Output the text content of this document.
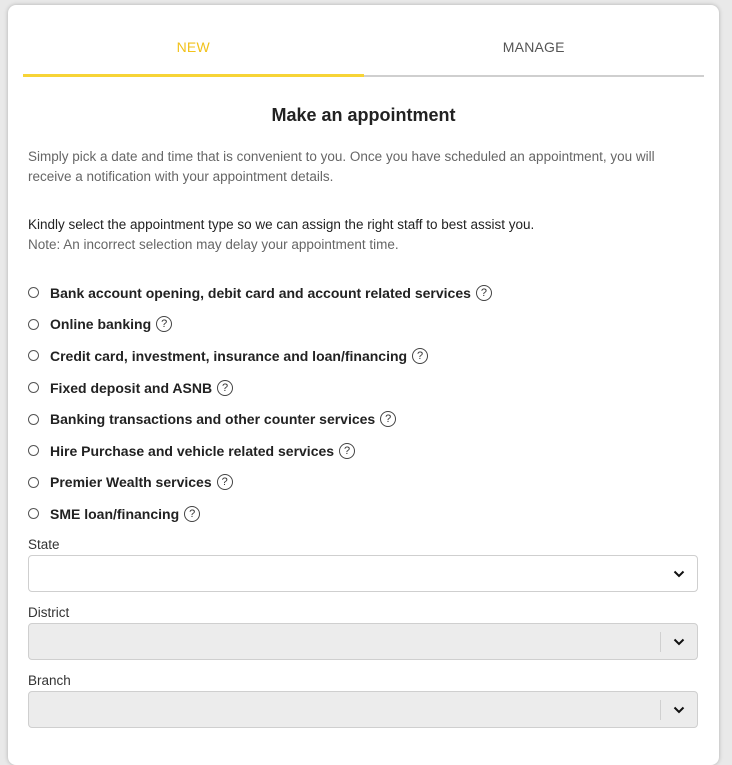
NEW	MANAGE
Make an appointment
Simply pick a date and time that is convenient to you. Once you have scheduled an appointment, you will receive a notification with your appointment details.
Kindly select the appointment type so we can assign the right staff to best assist you.
Note: An incorrect selection may delay your appointment time.
Bank account opening, debit card and account related services ?
Online banking ?
Credit card, investment, insurance and loan/financing ?
Fixed deposit and ASNB ?
Banking transactions and other counter services ?
Hire Purchase and vehicle related services ?
Premier Wealth services ?
SME loan/financing ?
State
District
Branch
